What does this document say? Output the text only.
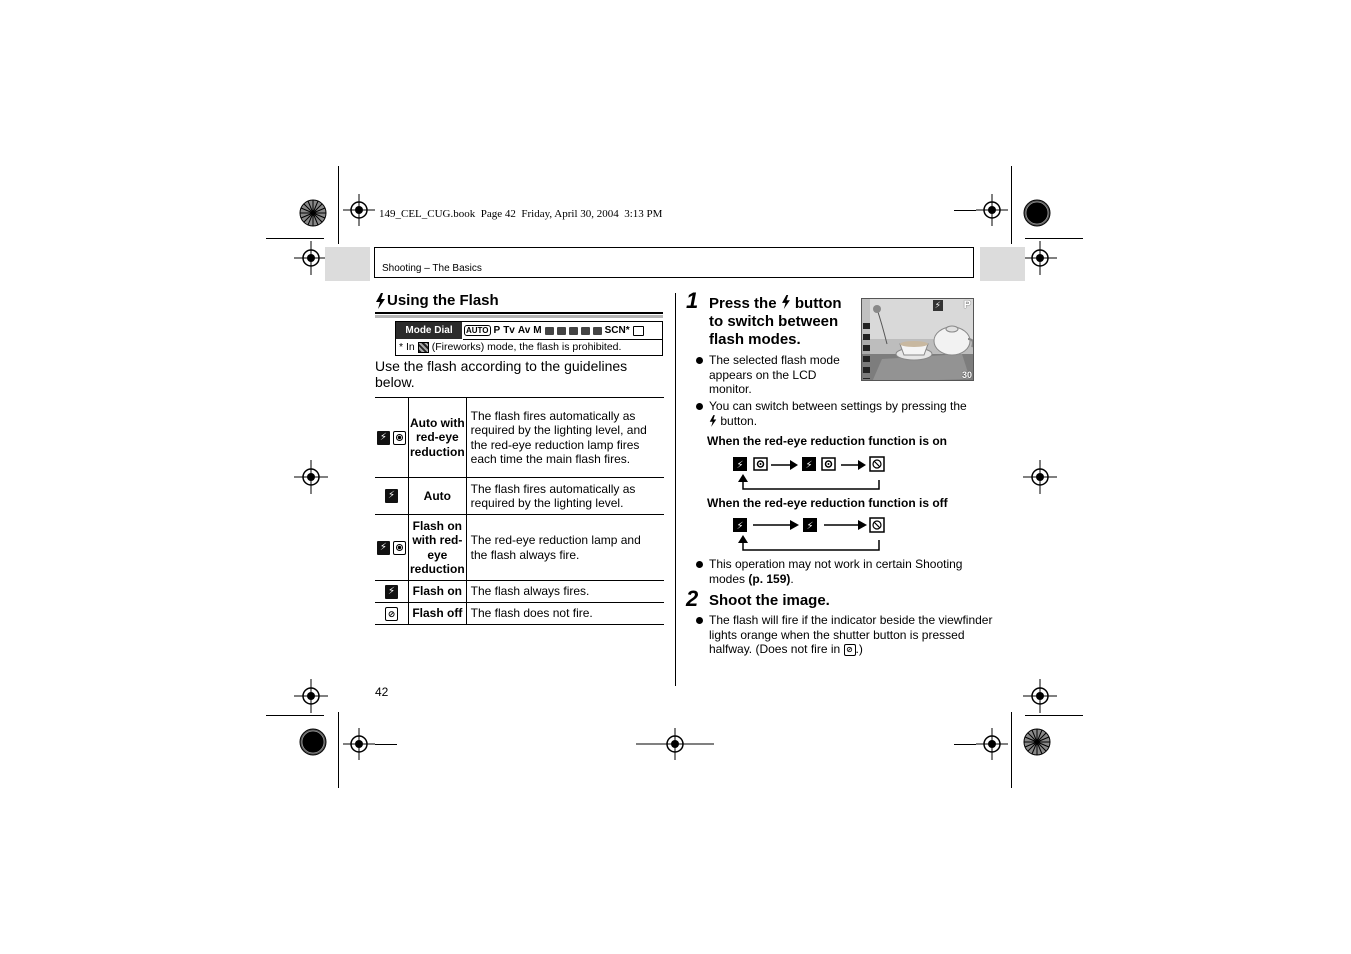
149_CEL_CUG.book  Page 42  Friday, April 30, 2004  3:13 PM
Shooting – The Basics
Using the Flash
Mode Dial	AUTO P Tv Av M	SCN*
* In (Fireworks) mode, the flash is prohibited.
Use the flash according to the guidelines below.
⚡	Auto with red-eye reduction	The flash fires automatically as required by the lighting level, and the red-eye reduction lamp fires each time the main flash fires.
⚡	Auto	The flash fires automatically as required by the lighting level.
⚡	Flash on with red-eye reduction	The red-eye reduction lamp and the flash always fire.
⚡	Flash on	The flash always fires.
⊘	Flash off	The flash does not fire.
1 Press the button to switch between flash modes.
⚡ P
30
The selected flash mode appears on the LCD monitor.
You can switch between settings by pressing the
button.
When the red-eye reduction function is on
⚡	⚡
When the red-eye reduction function is off
⚡	⚡
This operation may not work in certain Shooting modes (p. 159).
2 Shoot the image.
The flash will fire if the indicator beside the viewfinder lights orange when the shutter button is pressed halfway. (Does not fire in ⊘ .)
42
